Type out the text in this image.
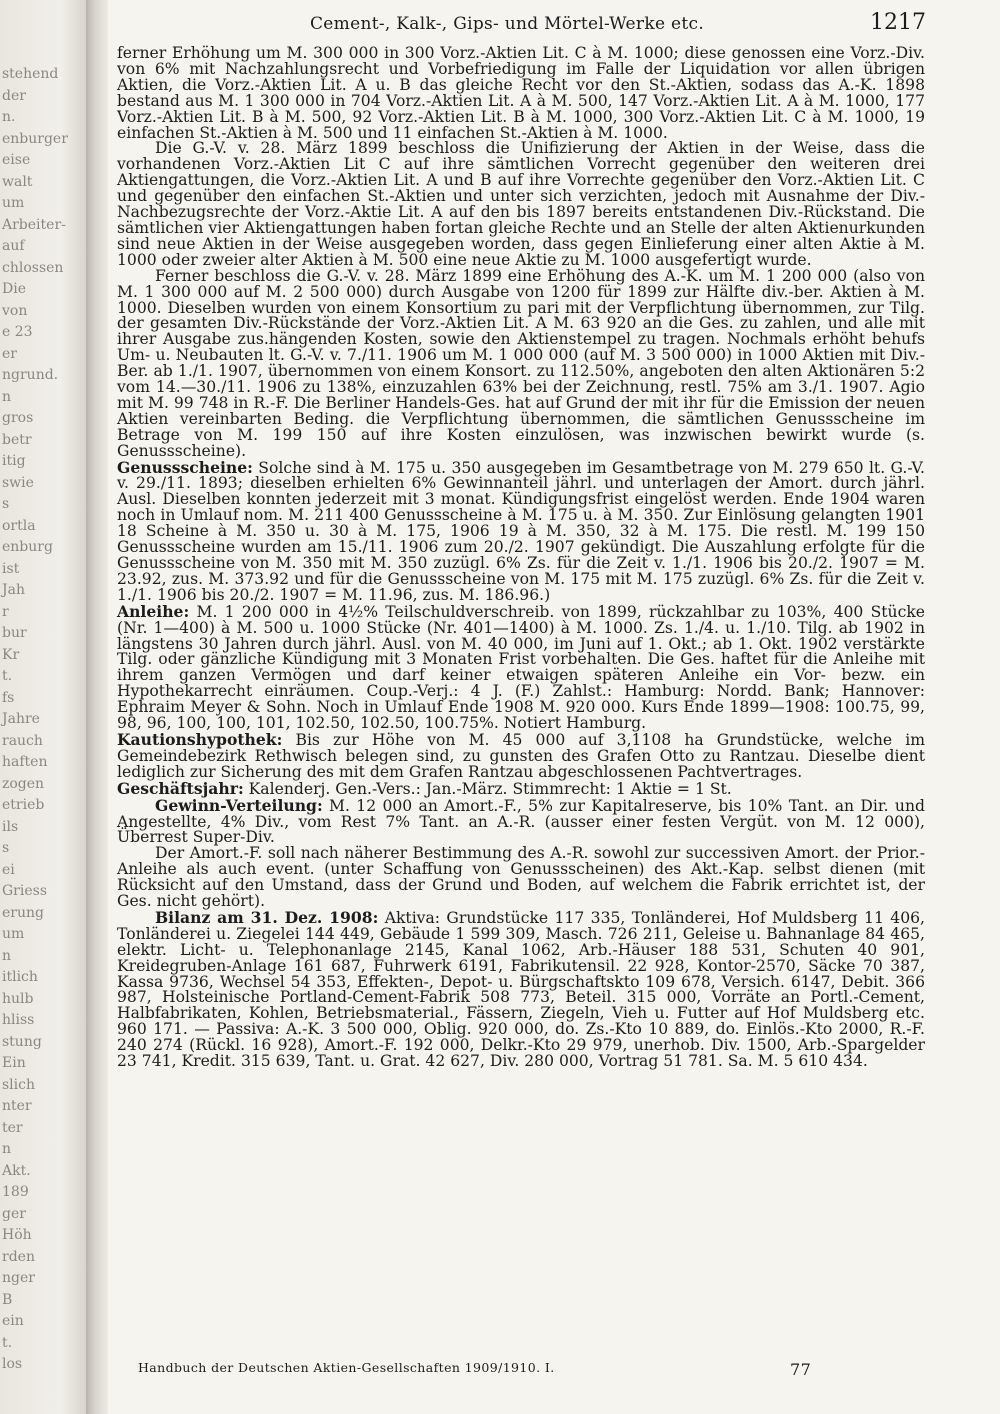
stehend
der
n.
enburger
eise
walt
um
Arbeiter-
auf
chlossen
Die
von
e 23
er
ngrund.
n
gros
betr
itig
swie
s
ortla
enburg
ist
Jah
r
bur
Kr
t.
fs
Jahre
rauch
haften
zogen
etrieb
ils
s
ei
Griess
erung
um
n
itlich
hulb
hliss
stung
Ein
slich
nter
ter
n
Akt.
189
ger
Höh
rden
nger
B
ein
t.
los
Cement-, Kalk-, Gips- und Mörtel-Werke etc.	1217

ferner Erhöhung um M. 300 000 in 300 Vorz.-Aktien Lit. C à M. 1000; diese genossen eine Vorz.-Div. von 6% mit Nachzahlungsrecht und Vorbefriedigung im Falle der Liquidation vor allen übrigen Aktien, die Vorz.-Aktien Lit. A u. B das gleiche Recht vor den St.-Aktien, sodass das A.-K. 1898 bestand aus M. 1 300 000 in 704 Vorz.-Aktien Lit. A à M. 500, 147 Vorz.-Aktien Lit. A à M. 1000, 177 Vorz.-Aktien Lit. B à M. 500, 92 Vorz.-Aktien Lit. B à M. 1000, 300 Vorz.-Aktien Lit. C à M. 1000, 19 einfachen St.-Aktien à M. 500 und 11 einfachen St.-Aktien à M. 1000.

Die G.-V. v. 28. März 1899 beschloss die Unifizierung der Aktien in der Weise, dass die vorhandenen Vorz.-Aktien Lit C auf ihre sämtlichen Vorrecht gegenüber den weiteren drei Aktiengattungen, die Vorz.-Aktien Lit. A und B auf ihre Vorrechte gegenüber den Vorz.-Aktien Lit. C und gegenüber den einfachen St.-Aktien und unter sich verzichten, jedoch mit Ausnahme der Div.-Nachbezugsrechte der Vorz.-Aktie Lit. A auf den bis 1897 bereits entstandenen Div.-Rückstand. Die sämtlichen vier Aktiengattungen haben fortan gleiche Rechte und an Stelle der alten Aktienurkunden sind neue Aktien in der Weise ausgegeben worden, dass gegen Einlieferung einer alten Aktie à M. 1000 oder zweier alter Aktien à M. 500 eine neue Aktie zu M. 1000 ausgefertigt wurde.

Ferner beschloss die G.-V. v. 28. März 1899 eine Erhöhung des A.-K. um M. 1 200 000 (also von M. 1 300 000 auf M. 2 500 000) durch Ausgabe von 1200 für 1899 zur Hälfte div.-ber. Aktien à M. 1000. Dieselben wurden von einem Konsortium zu pari mit der Verpflichtung übernommen, zur Tilg. der gesamten Div.-Rückstände der Vorz.-Aktien Lit. A M. 63 920 an die Ges. zu zahlen, und alle mit ihrer Ausgabe zus.hängenden Kosten, sowie den Aktienstempel zu tragen. Nochmals erhöht behufs Um- u. Neubauten lt. G.-V. v. 7./11. 1906 um M. 1 000 000 (auf M. 3 500 000) in 1000 Aktien mit Div.-Ber. ab 1./1. 1907, übernommen von einem Konsort. zu 112.50%, angeboten den alten Aktionären 5:2 vom 14.—30./11. 1906 zu 138%, einzuzahlen 63% bei der Zeichnung, restl. 75% am 3./1. 1907. Agio mit M. 99 748 in R.-F. Die Berliner Handels-Ges. hat auf Grund der mit ihr für die Emission der neuen Aktien vereinbarten Beding. die Verpflichtung übernommen, die sämtlichen Genussscheine im Betrage von M. 199 150 auf ihre Kosten einzulösen, was inzwischen bewirkt wurde (s. Genussscheine).

Genussscheine: Solche sind à M. 175 u. 350 ausgegeben im Gesamtbetrage von M. 279 650 lt. G.-V. v. 29./11. 1893; dieselben erhielten 6% Gewinnanteil jährl. und unterlagen der Amort. durch jährl. Ausl. Dieselben konnten jederzeit mit 3 monat. Kündigungsfrist eingelöst werden. Ende 1904 waren noch in Umlauf nom. M. 211 400 Genussscheine à M. 175 u. à M. 350. Zur Einlösung gelangten 1901 18 Scheine à M. 350 u. 30 à M. 175, 1906 19 à M. 350, 32 à M. 175. Die restl. M. 199 150 Genussscheine wurden am 15./11. 1906 zum 20./2. 1907 gekündigt. Die Auszahlung erfolgte für die Genussscheine von M. 350 mit M. 350 zuzügl. 6% Zs. für die Zeit v. 1./1. 1906 bis 20./2. 1907 = M. 23.92, zus. M. 373.92 und für die Genussscheine von M. 175 mit M. 175 zuzügl. 6% Zs. für die Zeit v. 1./1. 1906 bis 20./2. 1907 = M. 11.96, zus. M. 186.96.)

Anleihe: M. 1 200 000 in 4½% Teilschuldverschreib. von 1899, rückzahlbar zu 103%, 400 Stücke (Nr. 1—400) à M. 500 u. 1000 Stücke (Nr. 401—1400) à M. 1000. Zs. 1./4. u. 1./10. Tilg. ab 1902 in längstens 30 Jahren durch jährl. Ausl. von M. 40 000, im Juni auf 1. Okt.; ab 1. Okt. 1902 verstärkte Tilg. oder gänzliche Kündigung mit 3 Monaten Frist vorbehalten. Die Ges. haftet für die Anleihe mit ihrem ganzen Vermögen und darf keiner etwaigen späteren Anleihe ein Vor- bezw. ein Hypothekarrecht einräumen. Coup.-Verj.: 4 J. (F.) Zahlst.: Hamburg: Nordd. Bank; Hannover: Ephraim Meyer & Sohn. Noch in Umlauf Ende 1908 M. 920 000. Kurs Ende 1899—1908: 100.75, 99, 98, 96, 100, 100, 101, 102.50, 102.50, 100.75%. Notiert Hamburg.

Kautionshypothek: Bis zur Höhe von M. 45 000 auf 3,1108 ha Grundstücke, welche im Gemeindebezirk Rethwisch belegen sind, zu gunsten des Grafen Otto zu Rantzau. Dieselbe dient lediglich zur Sicherung des mit dem Grafen Rantzau abgeschlossenen Pachtvertrages.

Geschäftsjahr: Kalenderj. Gen.-Vers.: Jan.-März. Stimmrecht: 1 Aktie = 1 St.

Gewinn-Verteilung: M. 12 000 an Amort.-F., 5% zur Kapitalreserve, bis 10% Tant. an Dir. und Angestellte, 4% Div., vom Rest 7% Tant. an A.-R. (ausser einer festen Vergüt. von M. 12 000), Überrest Super-Div.

Der Amort.-F. soll nach näherer Bestimmung des A.-R. sowohl zur successiven Amort. der Prior.-Anleihe als auch event. (unter Schaffung von Genussscheinen) des Akt.-Kap. selbst dienen (mit Rücksicht auf den Umstand, dass der Grund und Boden, auf welchem die Fabrik errichtet ist, der Ges. nicht gehört).

Bilanz am 31. Dez. 1908: Aktiva: Grundstücke 117 335, Tonländerei, Hof Muldsberg 11 406, Tonländerei u. Ziegelei 144 449, Gebäude 1 599 309, Masch. 726 211, Geleise u. Bahnanlage 84 465, elektr. Licht- u. Telephonanlage 2145, Kanal 1062, Arb.-Häuser 188 531, Schuten 40 901, Kreidegruben-Anlage 161 687, Fuhrwerk 6191, Fabrikutensil. 22 928, Kontor-2570, Säcke 70 387, Kassa 9736, Wechsel 54 353, Effekten-, Depot- u. Bürgschaftskto 109 678, Versich. 6147, Debit. 366 987, Holsteinische Portland-Cement-Fabrik 508 773, Beteil. 315 000, Vorräte an Portl.-Cement, Halbfabrikaten, Kohlen, Betriebsmaterial., Fässern, Ziegeln, Vieh u. Futter auf Hof Muldsberg etc. 960 171. — Passiva: A.-K. 3 500 000, Oblig. 920 000, do. Zs.-Kto 10 889, do. Einlös.-Kto 2000, R.-F. 240 274 (Rückl. 16 928), Amort.-F. 192 000, Delkr.-Kto 29 979, unerhob. Div. 1500, Arb.-Spargelder 23 741, Kredit. 315 639, Tant. u. Grat. 42 627, Div. 280 000, Vortrag 51 781. Sa. M. 5 610 434.

Handbuch der Deutschen Aktien-Gesellschaften 1909/1910. I.	77
